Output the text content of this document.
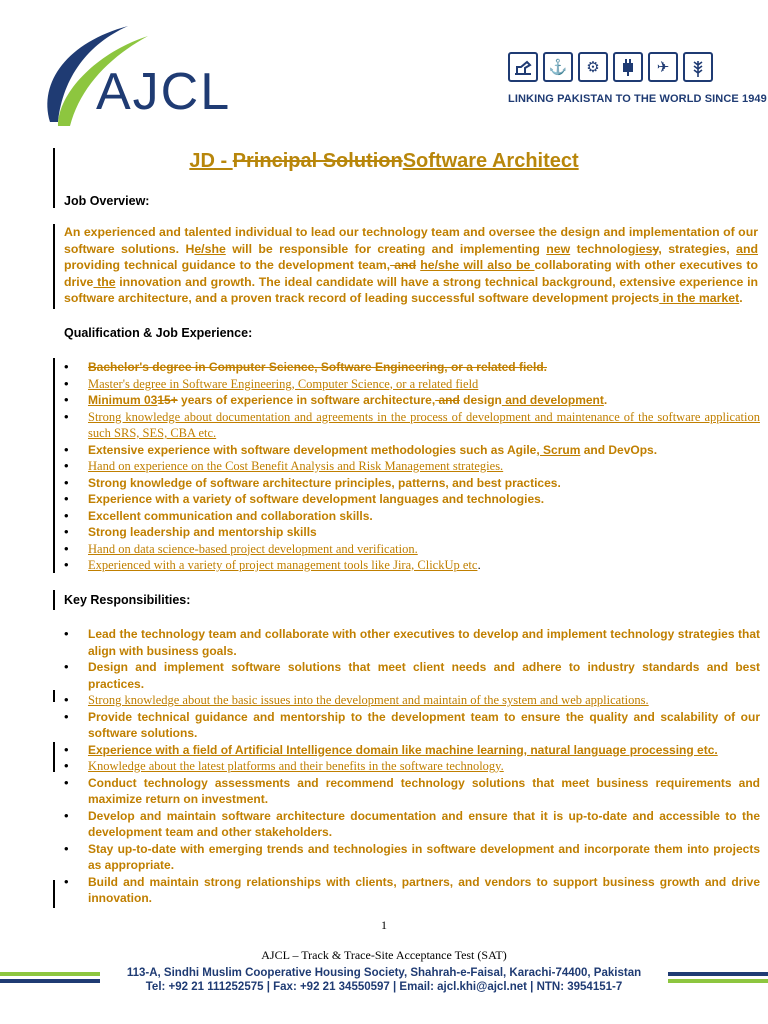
AJCL	⚓	⚙	✈
LINKING PAKISTAN TO THE WORLD SINCE 1949
JD - Principal SolutionSoftware Architect
Job Overview:
An experienced and talented individual to lead our technology team and oversee the design and implementation of our software solutions. He/she will be responsible for creating and implementing new technologiesy, strategies, and providing technical guidance to the development team, and he/she will also be collaborating with other executives to drive the innovation and growth. The ideal candidate will have a strong technical background, extensive experience in software architecture, and a proven track record of leading successful software development projects in the market.
Qualification & Job Experience:
• Bachelor's degree in Computer Science, Software Engineering, or a related field.
• Master's degree in Software Engineering, Computer Science, or a related field
• Minimum 0315+ years of experience in software architecture, and design and development.
• Strong knowledge about documentation and agreements in the process of development and maintenance of the software application such SRS, SES, CBA etc.
• Extensive experience with software development methodologies such as Agile, Scrum and DevOps.
• Hand on experience on the Cost Benefit Analysis and Risk Management strategies.
• Strong knowledge of software architecture principles, patterns, and best practices.
• Experience with a variety of software development languages and technologies.
• Excellent communication and collaboration skills.
• Strong leadership and mentorship skills
• Hand on data science-based project development and verification.
• Experienced with a variety of project management tools like Jira, ClickUp etc.
Key Responsibilities:
• Lead the technology team and collaborate with other executives to develop and implement technology strategies that align with business goals.
• Design and implement software solutions that meet client needs and adhere to industry standards and best practices.
• Strong knowledge about the basic issues into the development and maintain of the system and web applications.
• Provide technical guidance and mentorship to the development team to ensure the quality and scalability of our software solutions.
• Experience with a field of Artificial Intelligence domain like machine learning, natural language processing etc.
• Knowledge about the latest platforms and their benefits in the software technology.
• Conduct technology assessments and recommend technology solutions that meet business requirements and maximize return on investment.
• Develop and maintain software architecture documentation and ensure that it is up-to-date and accessible to the development team and other stakeholders.
• Stay up-to-date with emerging trends and technologies in software development and incorporate them into projects as appropriate.
• Build and maintain strong relationships with clients, partners, and vendors to support business growth and drive innovation.
1
AJCL – Track & Trace-Site Acceptance Test (SAT)
113-A, Sindhi Muslim Cooperative Housing Society, Shahrah-e-Faisal, Karachi-74400, Pakistan
Tel: +92 21 111252575 | Fax: +92 21 34550597 | Email: ajcl.khi@ajcl.net | NTN: 3954151-7
